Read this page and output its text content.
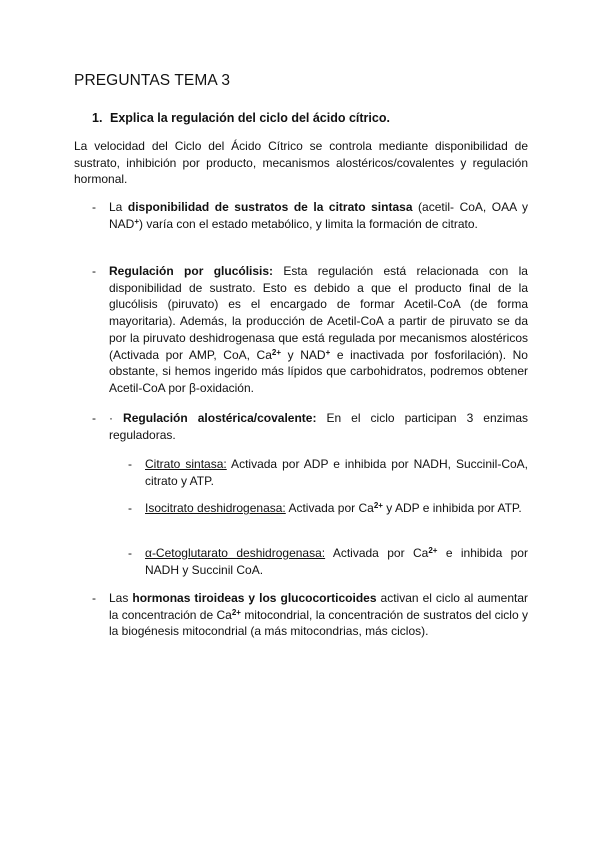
PREGUNTAS TEMA 3
1. Explica la regulación del ciclo del ácido cítrico.

La velocidad del Ciclo del Ácido Cítrico se controla mediante disponibilidad de sustrato, inhibición por producto, mecanismos alostéricos/covalentes y regulación hormonal.

-	La disponibilidad de sustratos de la citrato sintasa (acetil- CoA, OAA y NAD+) varía con el estado metabólico, y limita la formación de citrato.
-	Regulación por glucólisis: Esta regulación está relacionada con la disponibilidad de sustrato. Esto es debido a que el producto final de la glucólisis (piruvato) es el encargado de formar Acetil-CoA (de forma mayoritaria). Además, la producción de Acetil-CoA a partir de piruvato se da por la piruvato deshidrogenasa que está regulada por mecanismos alostéricos (Activada por AMP, CoA, $Ca^{2+}$ y NAD+ e inactivada por fosforilación). No obstante, si hemos ingerido más lípidos que carbohidratos, podremos obtener Acetil-CoA por β-oxidación.
-	· Regulación alostérica/covalente: En el ciclo participan 3 enzimas reguladoras.
-	Citrato sintasa: Activada por ADP e inhibida por NADH, Succinil-CoA, citrato y ATP.
-	Isocitrato deshidrogenasa: Activada por $Ca^{2+}$ y ADP e inhibida por ATP.
-	α-Cetoglutarato deshidrogenasa: Activada por $Ca^{2+}$ e inhibida por NADH y Succinil CoA.
-	Las hormonas tiroideas y los glucocorticoides activan el ciclo al aumentar la concentración de $Ca^{2+}$ mitocondrial, la concentración de sustratos del ciclo y la biogénesis mitocondrial (a más mitocondrias, más ciclos).
